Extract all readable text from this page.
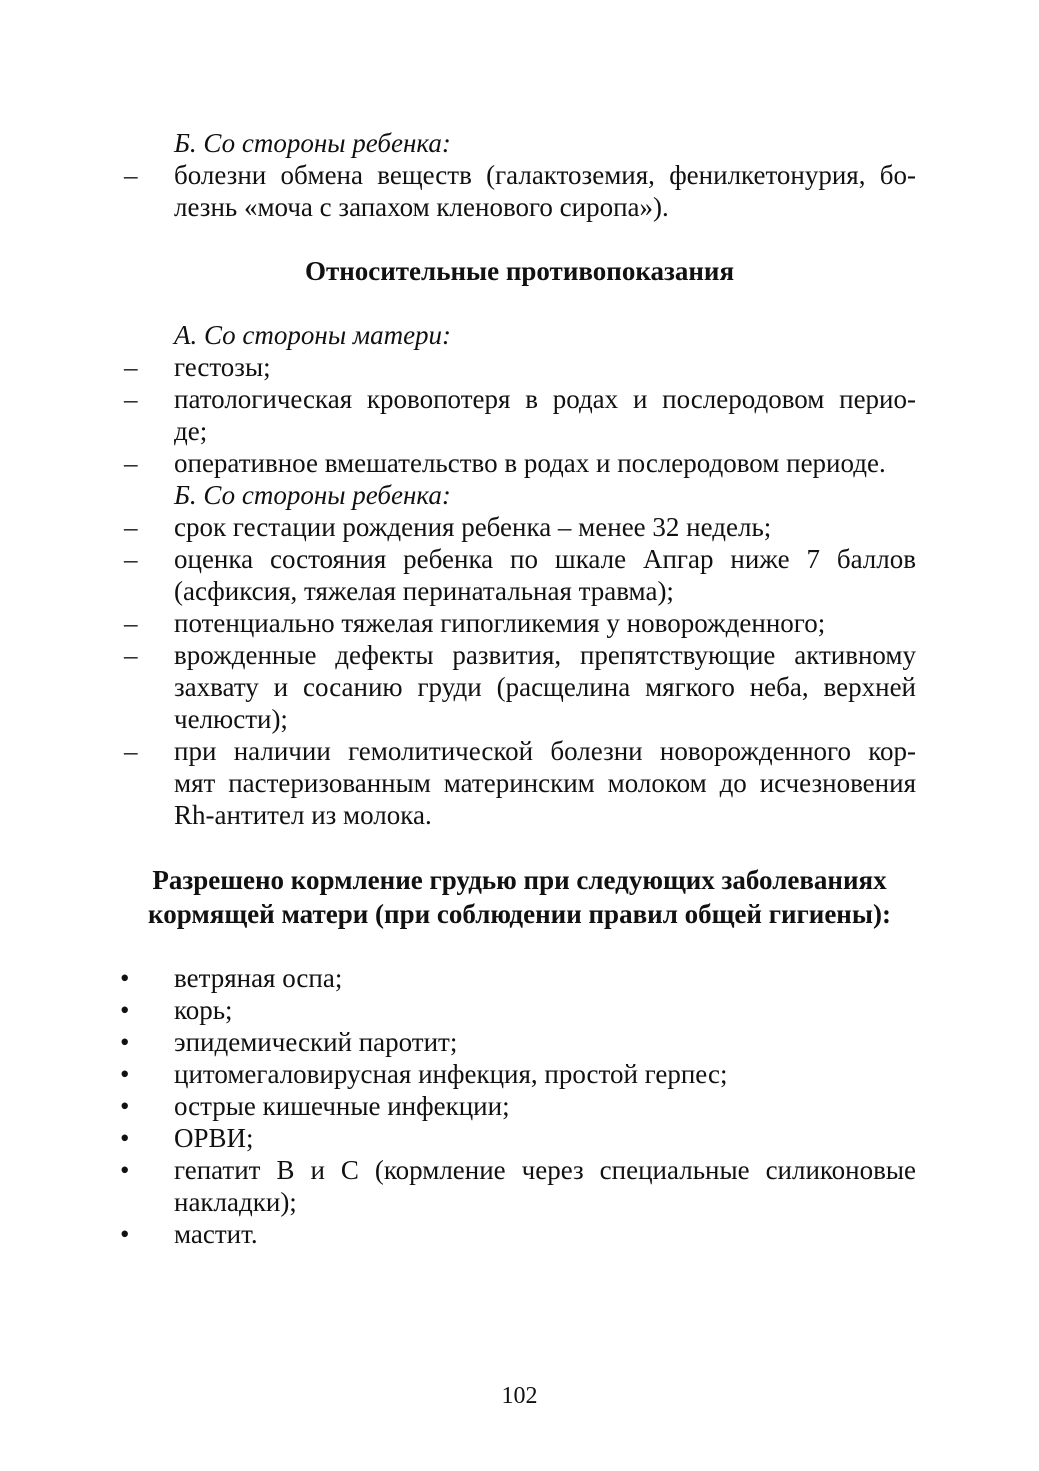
Б. Со стороны ребенка:
–	болезни обмена веществ (галактоземия, фенилкетонурия, бо-
лезнь «моча с запахом кленового сиропа»).
Относительные противопоказания
А. Со стороны матери:
–	гестозы;
–	патологическая кровопотеря в родах и послеродовом перио-
де;
–	оперативное вмешательство в родах и послеродовом периоде.
Б. Со стороны ребенка:
–	срок гестации рождения ребенка – менее 32 недель;
–	оценка состояния ребенка по шкале Апгар ниже 7 баллов
(асфиксия, тяжелая перинатальная травма);
–	потенциально тяжелая гипогликемия у новорожденного;
–	врожденные дефекты развития, препятствующие активному
захвату и сосанию груди (расщелина мягкого неба, верхней
челюсти);
–	при наличии гемолитической болезни новорожденного кор-
мят пастеризованным материнским молоком до исчезновения
Rh-антител из молока.
Разрешено кормление грудью при следующих заболеваниях
кормящей матери (при соблюдении правил общей гигиены):
•	ветряная оспа;
•	корь;
•	эпидемический паротит;
•	цитомегаловирусная инфекция, простой герпес;
•	острые кишечные инфекции;
•	ОРВИ;
•	гепатит В и С (кормление через специальные силиконовые
накладки);
•	мастит.
102
